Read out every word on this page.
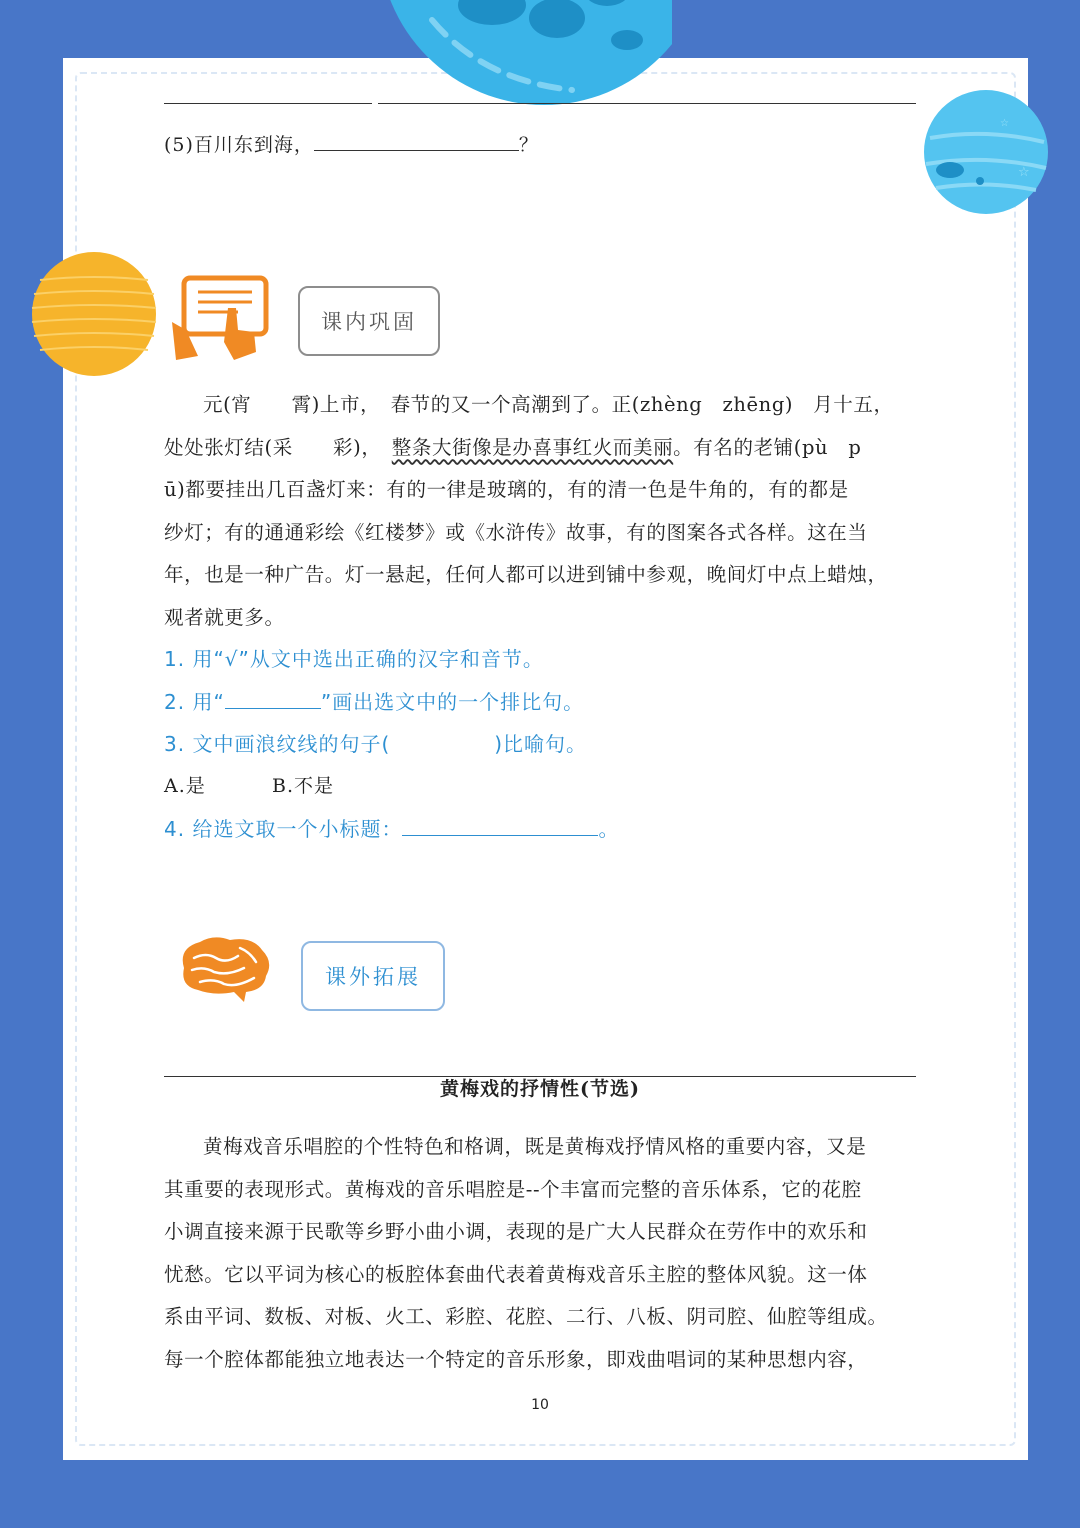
☆
☆
(5)百川东到海，	？
课内巩固

元(宵　　霄)上市，　春节的又一个高潮到了。正(zhèng　zhēng)　月十五，

处处张灯结(采　　彩)，　整条大街像是办喜事红火而美丽。有名的老铺(pù　p
ū)都要挂出几百盏灯来：有的一律是玻璃的，有的清一色是牛角的，有的都是
纱灯；有的通通彩绘《红楼梦》或《水浒传》故事，有的图案各式各样。这在当
年，也是一种广告。灯一悬起，任何人都可以进到铺中参观，晚间灯中点上蜡烛，
观者就更多。
1. 用“√”从文中选出正确的汉字和音节。
2. 用“	”画出选文中的一个排比句。
3. 文中画浪纹线的句子(	)比喻句。
A.是	B.不是
4. 给选文取一个小标题：	。
课外拓展
黄梅戏的抒情性(节选)

黄梅戏音乐唱腔的个性特色和格调，既是黄梅戏抒情风格的重要内容，又是

其重要的表现形式。黄梅戏的音乐唱腔是--个丰富而完整的音乐体系，它的花腔
小调直接来源于民歌等乡野小曲小调，表现的是广大人民群众在劳作中的欢乐和
忧愁。它以平词为核心的板腔体套曲代表着黄梅戏音乐主腔的整体风貌。这一体
系由平词、数板、对板、火工、彩腔、花腔、二行、八板、阴司腔、仙腔等组成。
每一个腔体都能独立地表达一个特定的音乐形象，即戏曲唱词的某种思想内容，
10
